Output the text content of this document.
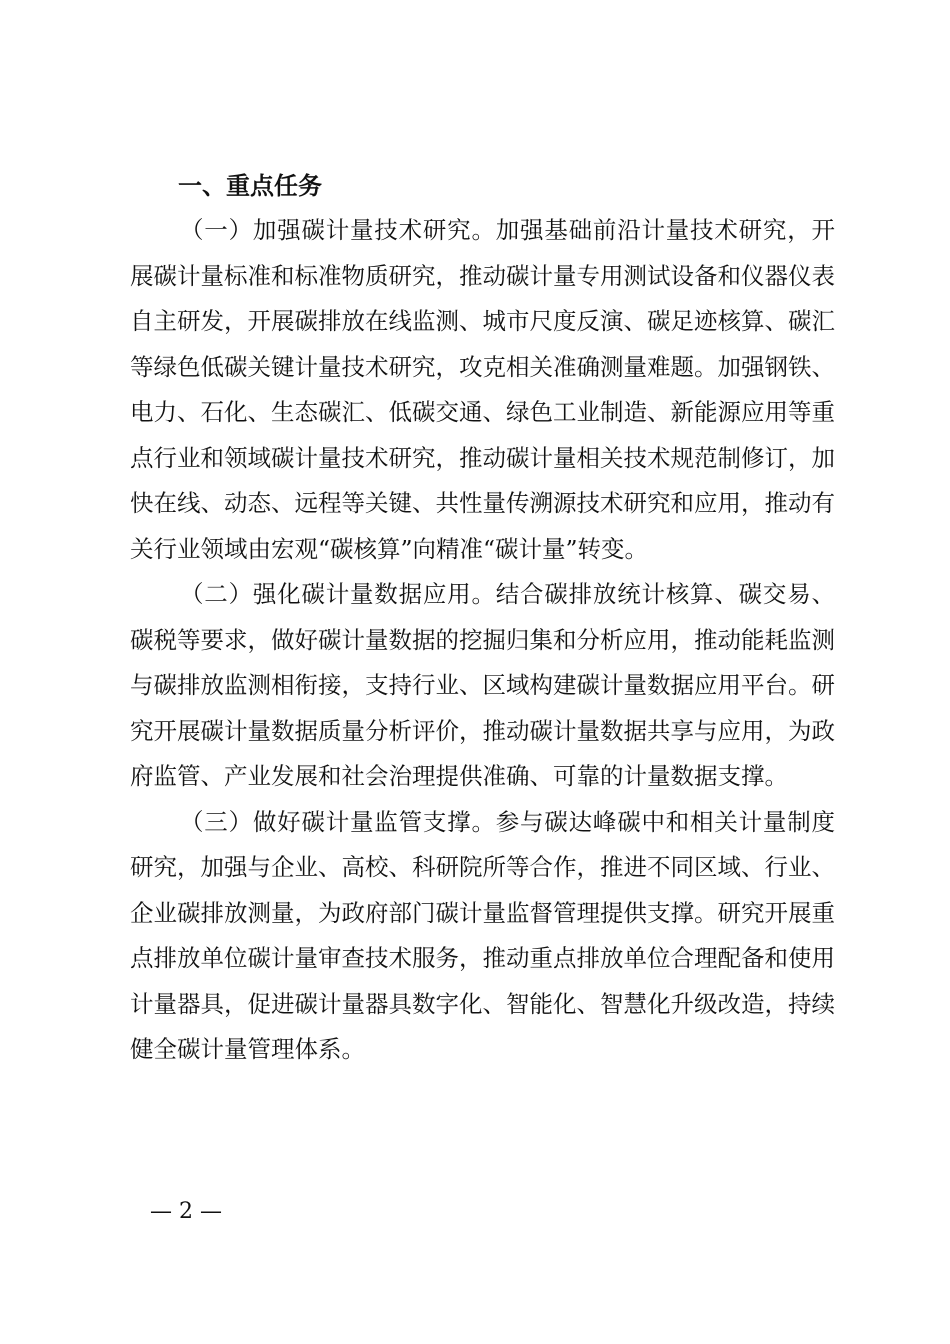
一、重点任务

（一）加强碳计量技术研究。加强基础前沿计量技术研究，开展碳计量标准和标准物质研究，推动碳计量专用测试设备和仪器仪表自主研发，开展碳排放在线监测、城市尺度反演、碳足迹核算、碳汇等绿色低碳关键计量技术研究，攻克相关准确测量难题。加强钢铁、电力、石化、生态碳汇、低碳交通、绿色工业制造、新能源应用等重点行业和领域碳计量技术研究，推动碳计量相关技术规范制修订，加快在线、动态、远程等关键、共性量传溯源技术研究和应用，推动有关行业领域由宏观“碳核算”向精准“碳计量”转变。

（二）强化碳计量数据应用。结合碳排放统计核算、碳交易、碳税等要求，做好碳计量数据的挖掘归集和分析应用，推动能耗监测与碳排放监测相衔接，支持行业、区域构建碳计量数据应用平台。研究开展碳计量数据质量分析评价，推动碳计量数据共享与应用，为政府监管、产业发展和社会治理提供准确、可靠的计量数据支撑。

（三）做好碳计量监管支撑。参与碳达峰碳中和相关计量制度研究，加强与企业、高校、科研院所等合作，推进不同区域、行业、企业碳排放测量，为政府部门碳计量监督管理提供支撑。研究开展重点排放单位碳计量审查技术服务，推动重点排放单位合理配备和使用计量器具，促进碳计量器具数字化、智能化、智慧化升级改造，持续健全碳计量管理体系。

— 2 —
